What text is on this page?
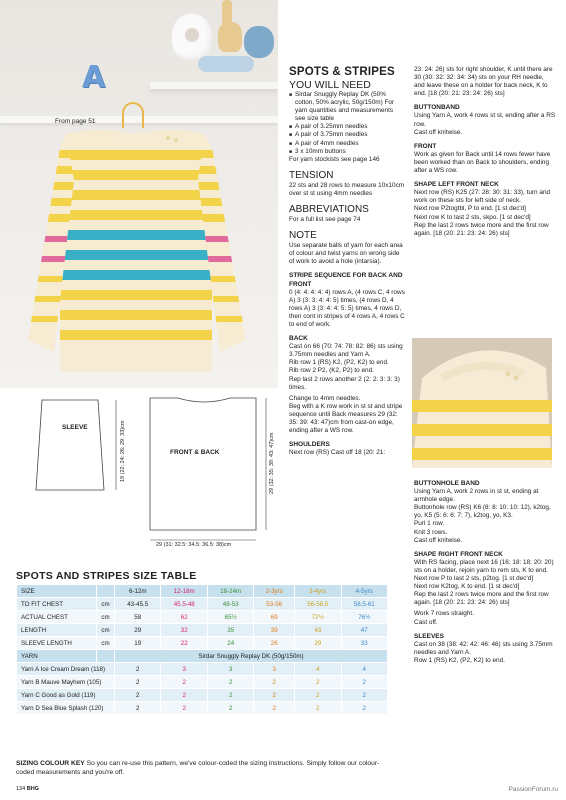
A
From page 51
SLEEVE
FRONT & BACK
19 (22: 24: 26: 29: 33)cm	29 (32: 35: 39: 43: 47)cm
29 (31: 32.5: 34.5: 36.5: 38)cm
SPOTS AND STRIPES SIZE TABLE
SIZE		6-12m	12-18m	18-24m	2-3yrs	3-4yrs	4-5yrs
TO FIT CHEST	cm	43-45.5	45.5-48	48-53	53-56	56-58.5	58.5-61
ACTUAL CHEST	cm	58	62	65½	69	72½	76½
LENGTH	cm	29	32	35	39	43	47
SLEEVE LENGTH	cm	19	22	24	26	29	33
YARN		Sirdar Snuggly Replay DK (50g/150m)					
Yarn A Ice Cream Dream (118)		2	3	3	3	4	4
Yarn B Mauve Mayhem (105)		2	2	2	2	2	2
Yarn C Good as Gold (119)		2	2	2	2	2	2
Yarn D Sea Blue Splash (120)		2	2	2	2	2	2
SIZING COLOUR KEY So you can re-use this pattern, we've colour-coded the sizing instructions. Simply follow our colour-coded measurements and you're off.
134 BHG	PassionForum.ru

SPOTS & STRIPES

YOU WILL NEED

■ Sirdar Snuggly Replay DK (50% cotton, 50% acrylic, 50g/150m) For yarn quantities and measurements see size table
■ A pair of 3.25mm needles
■ A pair of 3.75mm needles
■ A pair of 4mm needles
■ 3 x 10mm buttons

For yarn stockists see page 146

TENSION

22 sts and 28 rows to measure 10x10cm over st st using 4mm needles

ABBREVIATIONS

For a full list see page 74

NOTE

Use separate balls of yarn for each area of colour and twist yarns on wrong side of work to avoid a hole (intarsia).

STRIPE SEQUENCE FOR BACK AND FRONT

0 (4: 4: 4: 4: 4) rows A, (4 rows C, 4 rows A) 3 (3: 3: 4: 4: 5) times, (4 rows D, 4 rows A) 3 (3: 4: 4: 5: 5) times, 4 rows D, then cont in stripes of 4 rows A, 4 rows C to end of work.

BACK

Cast on 66 (70: 74: 78: 82: 86) sts using 3.75mm needles and Yarn A.

Rib row 1 (RS) K2, (P2, K2) to end.

Rib row 2 P2, (K2, P2) to end.

Rep last 2 rows another 2 (2: 2: 3: 3: 3) times.

Change to 4mm needles.

Beg with a K row work in st st and stripe sequence until Back measures 29 (32: 35: 39: 43: 47)cm from cast-on edge, ending after a WS row.

SHOULDERS

Next row (RS) Cast off 18 (20: 21:

23: 24: 26) sts for right shoulder, K until there are 30 (30: 32: 32: 34: 34) sts on your RH needle, and leave these on a holder for back neck, K to end. [18 (20: 21: 23: 24: 26) sts]

BUTTONBAND

Using Yarn A, work 4 rows st st, ending after a RS row.

Cast off knitwise.

FRONT

Work as given for Back until 14 rows fewer have been worked than on Back to shoulders, ending after a WS row.

SHAPE LEFT FRONT NECK

Next row (RS) K25 (27: 28: 30: 31: 33), turn and work on these sts for left side of neck.

Next row P2togtbl, P to end. [1 st dec'd]

Next row K to last 2 sts, skpo. [1 st dec'd]

Rep the last 2 rows twice more and the first row again. [18 (20: 21: 23: 24: 26) sts]

BUTTONHOLE BAND

Using Yarn A, work 2 rows in st st, ending at armhole edge.

Buttonhole row (RS) K6 (8: 8: 10: 10: 12), k2tog, yo, K5 (5: 6: 6: 7: 7), k2tog, yo, K3.

Purl 1 row.

Knit 3 rows.

Cast off knitwise.

SHAPE RIGHT FRONT NECK

With RS facing, place next 16 (16: 18: 18: 20: 20) sts on a holder, rejoin yarn to rem sts, K to end.

Next row P to last 2 sts, p2tog. [1 st dec'd]

Next row K2tog, K to end. [1 st dec'd]

Rep the last 2 rows twice more and the first row again. [18 (20: 21: 23: 24: 26) sts]

Work 7 rows straight.

Cast off.

SLEEVES

Cast on 38 (38: 42: 42: 46: 46) sts using 3.75mm needles and Yarn A.

Row 1 (RS) K2, (P2, K2) to end.
